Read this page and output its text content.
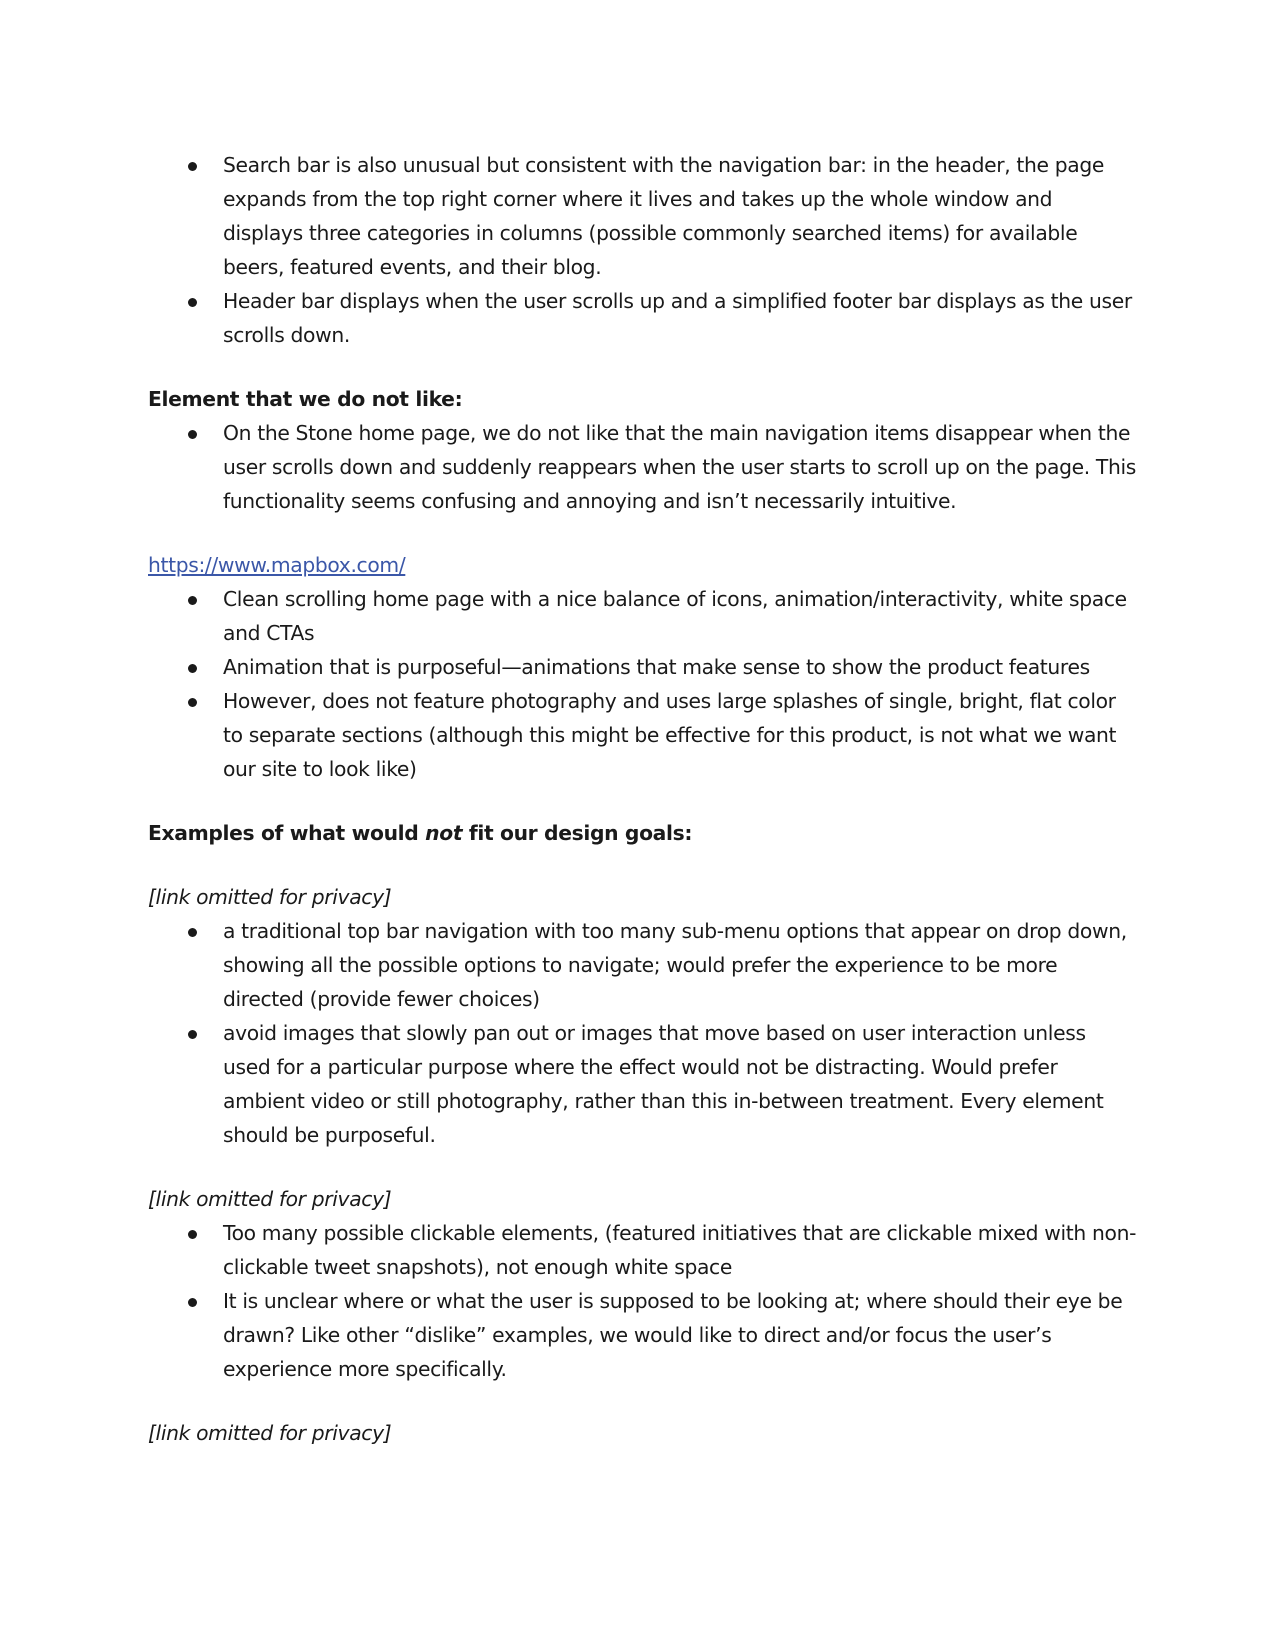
Search bar is also unusual but consistent with the navigation bar: in the header, the page expands from the top right corner where it lives and takes up the whole window and displays three categories in columns (possible commonly searched items) for available beers, featured events, and their blog.
Header bar displays when the user scrolls up and a simplified footer bar displays as the user scrolls down.

Element that we do not like:

On the Stone home page, we do not like that the main navigation items disappear when the user scrolls down and suddenly reappears when the user starts to scroll up on the page. This functionality seems confusing and annoying and isn’t necessarily intuitive.
https://www.mapbox.com/
Clean scrolling home page with a nice balance of icons, animation/interactivity, white space and CTAs
Animation that is purposeful—animations that make sense to show the product features
However, does not feature photography and uses large splashes of single, bright, flat color to separate sections (although this might be effective for this product, is not what we want our site to look like)

Examples of what would not fit our design goals:

[link omitted for privacy]

a traditional top bar navigation with too many sub-menu options that appear on drop down, showing all the possible options to navigate; would prefer the experience to be more directed (provide fewer choices)
avoid images that slowly pan out or images that move based on user interaction unless used for a particular purpose where the effect would not be distracting. Would prefer ambient video or still photography, rather than this in-between treatment. Every element should be purposeful.

[link omitted for privacy]

Too many possible clickable elements, (featured initiatives that are clickable mixed with non-clickable tweet snapshots), not enough white space
It is unclear where or what the user is supposed to be looking at; where should their eye be drawn? Like other “dislike” examples, we would like to direct and/or focus the user’s experience more specifically.

[link omitted for privacy]
